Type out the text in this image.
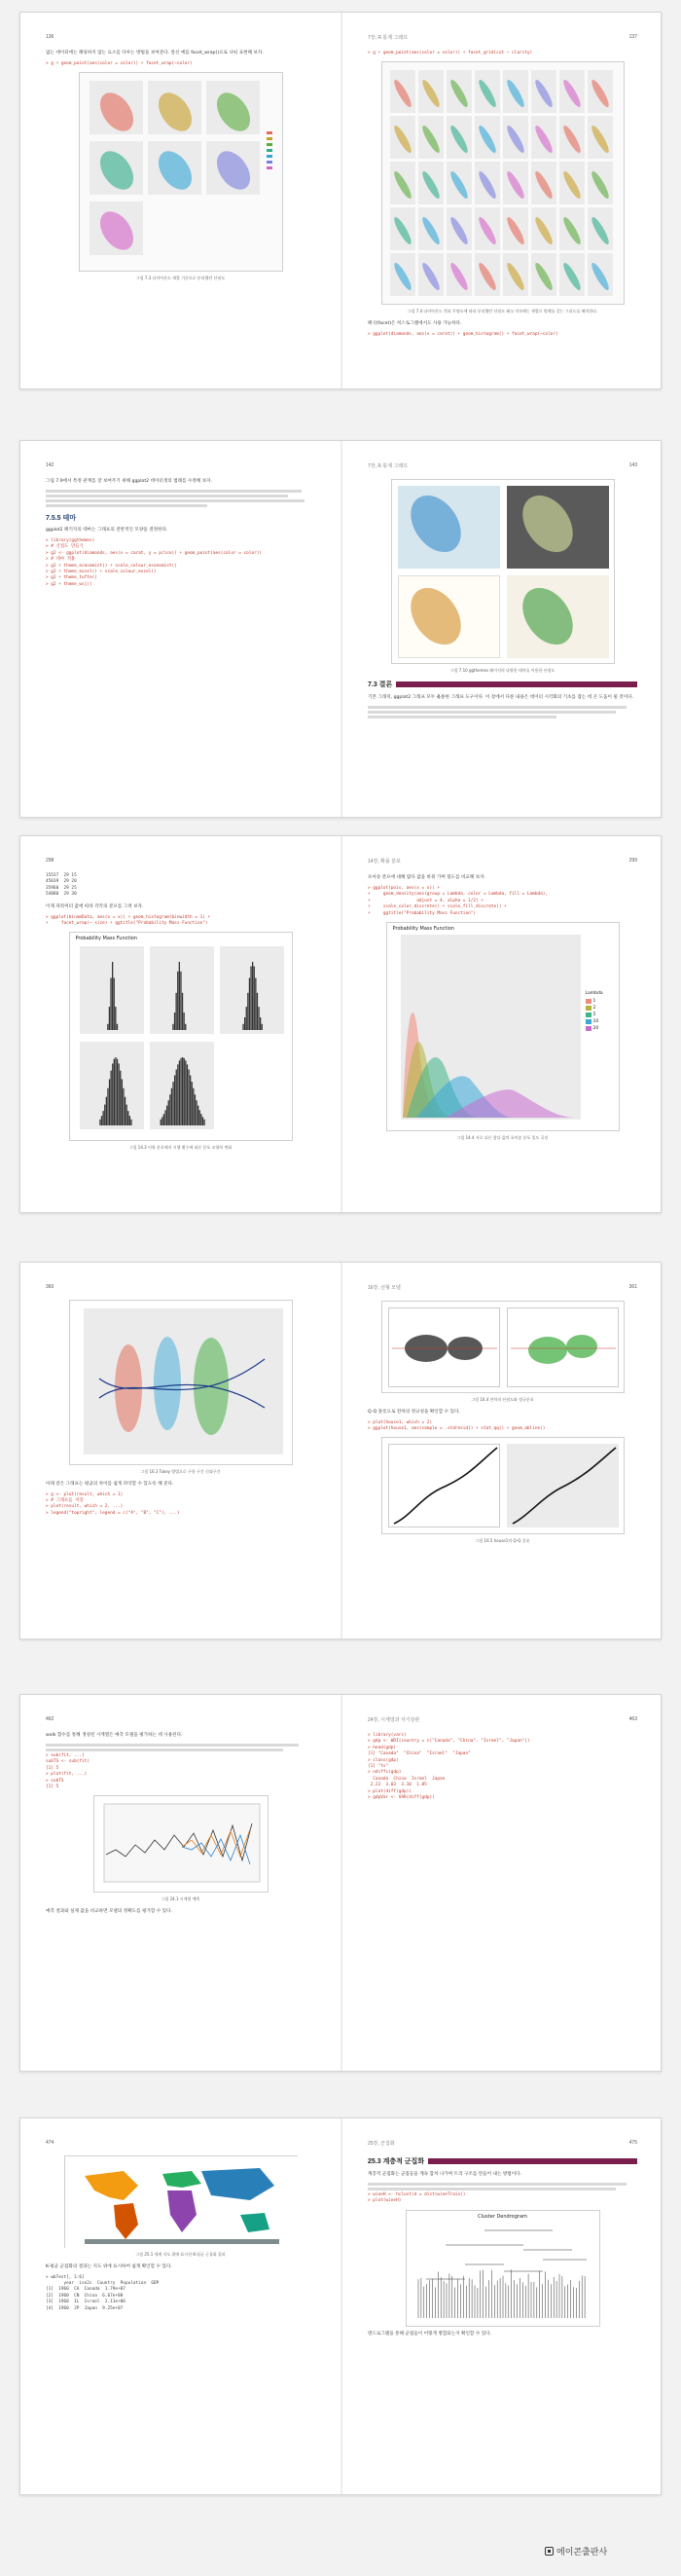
136
없는 데이터에는 해당하지 않는 요소를 다루는 방법을 보여준다. 앞선 예를 facet_wrap()으로 나눠 표현해 보자.
> g + geom_point(aes(color = color)) + facet_wrap(~color)
그림 7.3 다이아몬드 색깔 기준으로 분리했던 산점도
7장, R 통계 그래프	137
> g + geom_point(aes(color = color)) + facet_grid(cut ~ clarity)
그림 7.4 다이아몬드 컷과 투명도에 따라 분리했던 산점도 패싯 격자에는 색깔로 범례를 갖는 그리드를 배치한다.
패싯(facet)은 히스토그램에서도 사용 가능하다.
> ggplot(diamonds, aes(x = carat)) + geom_histogram() + facet_wrap(~color)
142
그림 7.9에서 특정 관계를 잘 보여주기 위해 ggplot2 데이터셋의 범례를 수정해 보자.
7.5.5 테마
ggplot2 패키지의 테마는 그래프의 전반적인 모양을 결정한다.
> library(ggthemes)
> # 산점도 만들기
> g2 <- ggplot(diamonds, aes(x = carat, y = price)) + geom_point(aes(color = color))
> # 테마 적용
> g2 + theme_economist() + scale_colour_economist()
> g2 + theme_excel() + scale_colour_excel()
> g2 + theme_tufte()
> g2 + theme_wsj()
7장, R 통계 그래프	143
그림 7.10 ggthemes 패키지의 다양한 테마를 이용한 산점도
7.3 결론
기본 그래픽, ggplot2 그래프 모두 훌륭한 그래프 도구이다. 이 장에서 다룬 내용은 데이터 시각화의 기초를 잡는 데 큰 도움이 될 것이다.
298
15537  29 15
45039  29 20
35960  29 25
54880  29 30
이제 파라미터 값에 따라 각각의 분포를 그려 보자.
> ggplot(binomData, aes(x = x)) + geom_histogram(binwidth = 1) +
+     facet_wrap(~ size) + ggtitle("Probability Mass Function")
Probability Mass Function
그림 14.3 이항 분포에서 시행 횟수에 따른 분포 모양의 변화
14장, 확률 분포	299
포아송 분포에 대해 람다 값을 바꿔 가며 밀도를 비교해 보자.
> ggplot(pois, aes(x = x)) +
+     geom_density(aes(group = Lambda, color = Lambda, fill = Lambda),
+                  adjust = 4, alpha = 1/2) +
+     scale_color_discrete() + scale_fill_discrete() +
+     ggtitle("Probability Mass Function")
Probability Mass Function
Lambda
1
2
5
10
20
그림 14.4 서로 다른 람다 값의 포아송 분포 밀도 곡선
360
그림 16.3 Tukey 방법으로 구한 구간 신뢰구간
아래 같은 그래프는 평균의 차이를 쉽게 파악할 수 있도록 해 준다.
> g <- plot(result, which = 1)
> # 그래프를 저장
> plot(result, which = 2, ...)
> legend("topright", legend = c("A", "B", "C"), ...)
16장, 선형 모델	361
그림 16.4 잔차의 산점도와 정규분포
Q-Q 플롯으로 잔차의 정규성을 확인할 수 있다.
> plot(house1, which = 2)
> ggplot(house1, aes(sample = .stdresid)) + stat_qq() + geom_abline()
그림 16.5 house1의 Q-Q 플롯
462
walk 함수를 통해 생성된 시계열은 예측 모델을 평가하는 데 사용된다.
> sub(fit, ...)
subTS <- sub(fit)
[1] 5
> plot(fit, ...)
> subTS
[1] 5
그림 24.1 시계열 예측
예측 결과와 실제 값을 비교하면 모델의 정확도를 평가할 수 있다.
24장, 시계열과 자기상관	463
> library(vars)
> gdp <- WDI(country = c("Canada", "China", "Israel", "Japan"))
> head(gdp)
[1] "Canada"  "China"  "Israel"  "Japan"
> class(gdp)
[1] "ts"
> ndiffs(gdp)
Canada  China  Israel  Japan
2.23  3.03  3.10  1.85
> plot(diff(gdp))
> gdpVar <- VAR(diff(gdp))
474
그림 25.1 세계 지도 위에 표시한 K-평균 군집화 결과
K-평균 군집화의 결과는 지도 위에 표시하여 쉽게 확인할 수 있다.
> wbTest[, 1:6]
year  iso2c  Country  Population  GDP
[1]  1960  CA  Canada  1.79e+07
[2]  1960  CN  China  6.67e+08
[3]  1960  IL  Israel  2.11e+06
[4]  1960  JP  Japan  9.25e+07
25장, 군집화	475
25.3 계층적 군집화
계층적 군집화는 군집들을 계속 합쳐 나가며 트리 구조를 만들어 내는 방법이다.
> wineH <- hclust(d = dist(wineTrain))
> plot(wineH)
Cluster Dendrogram
덴드로그램을 통해 군집들이 어떻게 병합되는지 확인할 수 있다.
에이콘출판사
